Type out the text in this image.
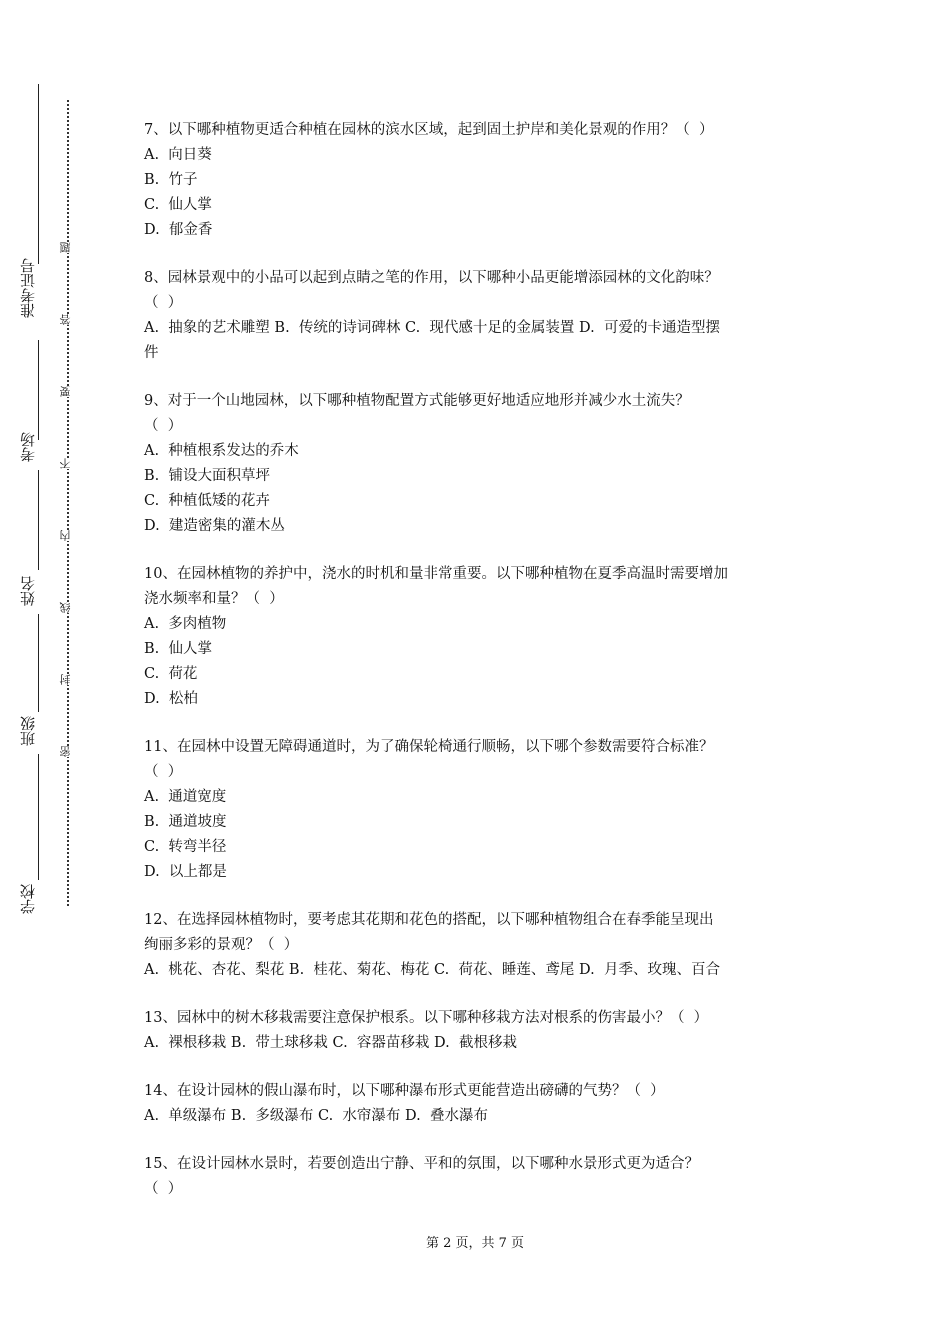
准考证号
考场
姓名
班级
学校
题
答
要
不
内
线
封
密
7、以下哪种植物更适合种植在园林的滨水区域，起到固土护岸和美化景观的作用？（  ）
A.  向日葵
B.  竹子
C.  仙人掌
D.  郁金香
8、园林景观中的小品可以起到点睛之笔的作用，以下哪种小品更能增添园林的文化韵味？
（  ）
A.  抽象的艺术雕塑 B.  传统的诗词碑林 C.  现代感十足的金属装置 D.  可爱的卡通造型摆
件
9、对于一个山地园林，以下哪种植物配置方式能够更好地适应地形并减少水土流失？
（  ）
A.  种植根系发达的乔木
B.  铺设大面积草坪
C.  种植低矮的花卉
D.  建造密集的灌木丛
10、在园林植物的养护中，浇水的时机和量非常重要。以下哪种植物在夏季高温时需要增加
浇水频率和量？（  ）
A.  多肉植物
B.  仙人掌
C.  荷花
D.  松柏
11、在园林中设置无障碍通道时，为了确保轮椅通行顺畅，以下哪个参数需要符合标准？
（  ）
A.  通道宽度
B.  通道坡度
C.  转弯半径
D.  以上都是
12、在选择园林植物时，要考虑其花期和花色的搭配，以下哪种植物组合在春季能呈现出
绚丽多彩的景观？（  ）
A.  桃花、杏花、梨花 B.  桂花、菊花、梅花 C.  荷花、睡莲、鸢尾 D.  月季、玫瑰、百合
13、园林中的树木移栽需要注意保护根系。以下哪种移栽方法对根系的伤害最小？（  ）
A.  裸根移栽 B.  带土球移栽 C.  容器苗移栽 D.  截根移栽
14、在设计园林的假山瀑布时，以下哪种瀑布形式更能营造出磅礴的气势？（  ）
A.  单级瀑布 B.  多级瀑布 C.  水帘瀑布 D.  叠水瀑布
15、在设计园林水景时，若要创造出宁静、平和的氛围，以下哪种水景形式更为适合？
（  ）
第 2 页，共 7 页
